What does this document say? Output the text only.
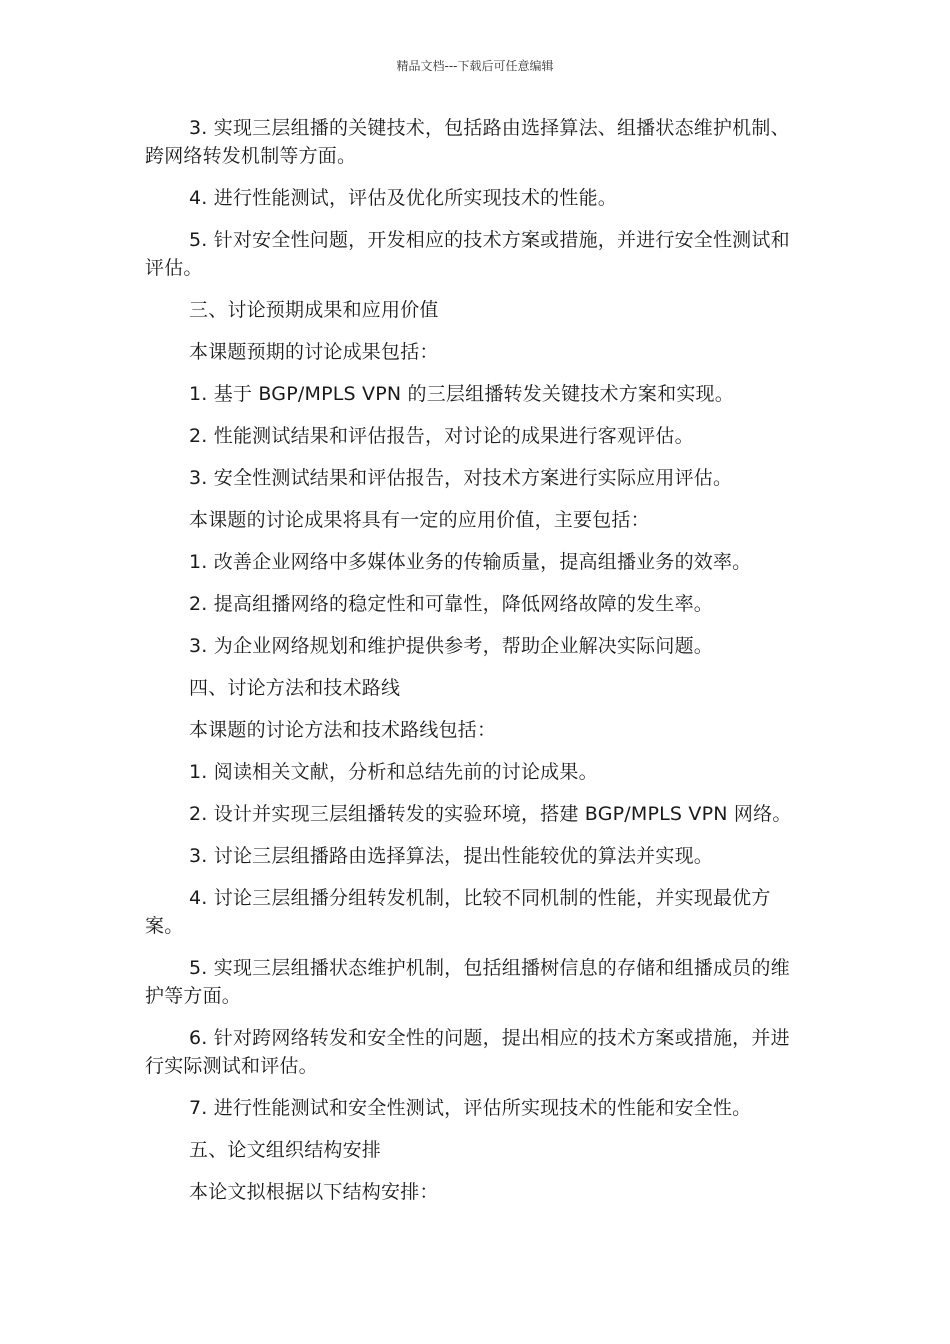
精品文档---下载后可任意编辑

3. 实现三层组播的关键技术，包括路由选择算法、组播状态维护机制、跨网络转发机制等方面。

4. 进行性能测试，评估及优化所实现技术的性能。

5. 针对安全性问题，开发相应的技术方案或措施，并进行安全性测试和评估。

三、讨论预期成果和应用价值

本课题预期的讨论成果包括：

1. 基于 BGP/MPLS VPN 的三层组播转发关键技术方案和实现。

2. 性能测试结果和评估报告，对讨论的成果进行客观评估。

3. 安全性测试结果和评估报告，对技术方案进行实际应用评估。

本课题的讨论成果将具有一定的应用价值，主要包括：

1. 改善企业网络中多媒体业务的传输质量，提高组播业务的效率。

2. 提高组播网络的稳定性和可靠性，降低网络故障的发生率。

3. 为企业网络规划和维护提供参考，帮助企业解决实际问题。

四、讨论方法和技术路线

本课题的讨论方法和技术路线包括：

1. 阅读相关文献，分析和总结先前的讨论成果。

2. 设计并实现三层组播转发的实验环境，搭建 BGP/MPLS VPN 网络。

3. 讨论三层组播路由选择算法，提出性能较优的算法并实现。

4. 讨论三层组播分组转发机制，比较不同机制的性能，并实现最优方案。

5. 实现三层组播状态维护机制，包括组播树信息的存储和组播成员的维护等方面。

6. 针对跨网络转发和安全性的问题，提出相应的技术方案或措施，并进行实际测试和评估。

7. 进行性能测试和安全性测试，评估所实现技术的性能和安全性。

五、论文组织结构安排

本论文拟根据以下结构安排：
